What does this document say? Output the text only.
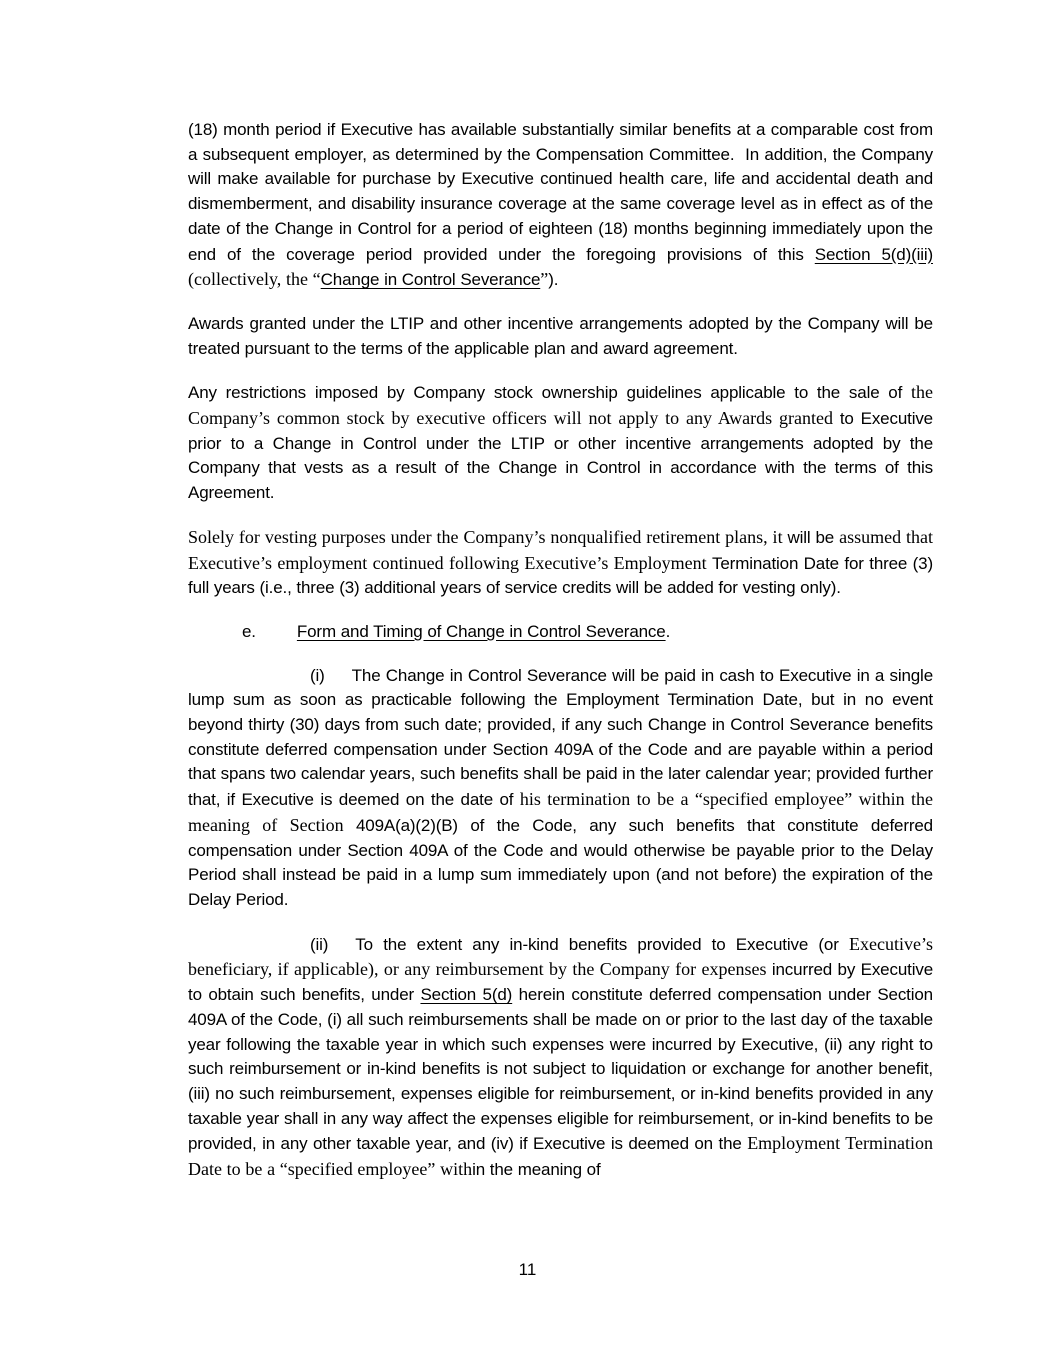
(18) month period if Executive has available substantially similar benefits at a comparable cost from a subsequent employer, as determined by the Compensation Committee.  In addition, the Company will make available for purchase by Executive continued health care, life and accidental death and dismemberment, and disability insurance coverage at the same coverage level as in effect as of the date of the Change in Control for a period of eighteen (18) months beginning immediately upon the end of the coverage period provided under the foregoing provisions of this Section 5(d)(iii) (collectively, the “Change in Control Severance”).

Awards granted under the LTIP and other incentive arrangements adopted by the Company will be treated pursuant to the terms of the applicable plan and award agreement.

Any restrictions imposed by Company stock ownership guidelines applicable to the sale of the Company’s common stock by executive officers will not apply to any Awards granted to Executive prior to a Change in Control under the LTIP or other incentive arrangements adopted by the Company that vests as a result of the Change in Control in accordance with the terms of this Agreement.

Solely for vesting purposes under the Company’s nonqualified retirement plans, it will be assumed that Executive’s employment continued following Executive’s Employment Termination Date for three (3) full years (i.e., three (3) additional years of service credits will be added for vesting only).

e. Form and Timing of Change in Control Severance.

(i) The Change in Control Severance will be paid in cash to Executive in a single lump sum as soon as practicable following the Employment Termination Date, but in no event beyond thirty (30) days from such date; provided, if any such Change in Control Severance benefits constitute deferred compensation under Section 409A of the Code and are payable within a period that spans two calendar years, such benefits shall be paid in the later calendar year; provided further that, if Executive is deemed on the date of his termination to be a “specified employee” within the meaning of Section 409A(a)(2)(B) of the Code, any such benefits that constitute deferred compensation under Section 409A of the Code and would otherwise be payable prior to the Delay Period shall instead be paid in a lump sum immediately upon (and not before) the expiration of the Delay Period.

(ii) To the extent any in-kind benefits provided to Executive (or Executive’s beneficiary, if applicable), or any reimbursement by the Company for expenses incurred by Executive to obtain such benefits, under Section 5(d) herein constitute deferred compensation under Section 409A of the Code, (i) all such reimbursements shall be made on or prior to the last day of the taxable year following the taxable year in which such expenses were incurred by Executive, (ii) any right to such reimbursement or in-kind benefits is not subject to liquidation or exchange for another benefit, (iii) no such reimbursement, expenses eligible for reimbursement, or in-kind benefits provided in any taxable year shall in any way affect the expenses eligible for reimbursement, or in-kind benefits to be provided, in any other taxable year, and (iv) if Executive is deemed on the Employment Termination Date to be a “specified employee” within the meaning of

11
